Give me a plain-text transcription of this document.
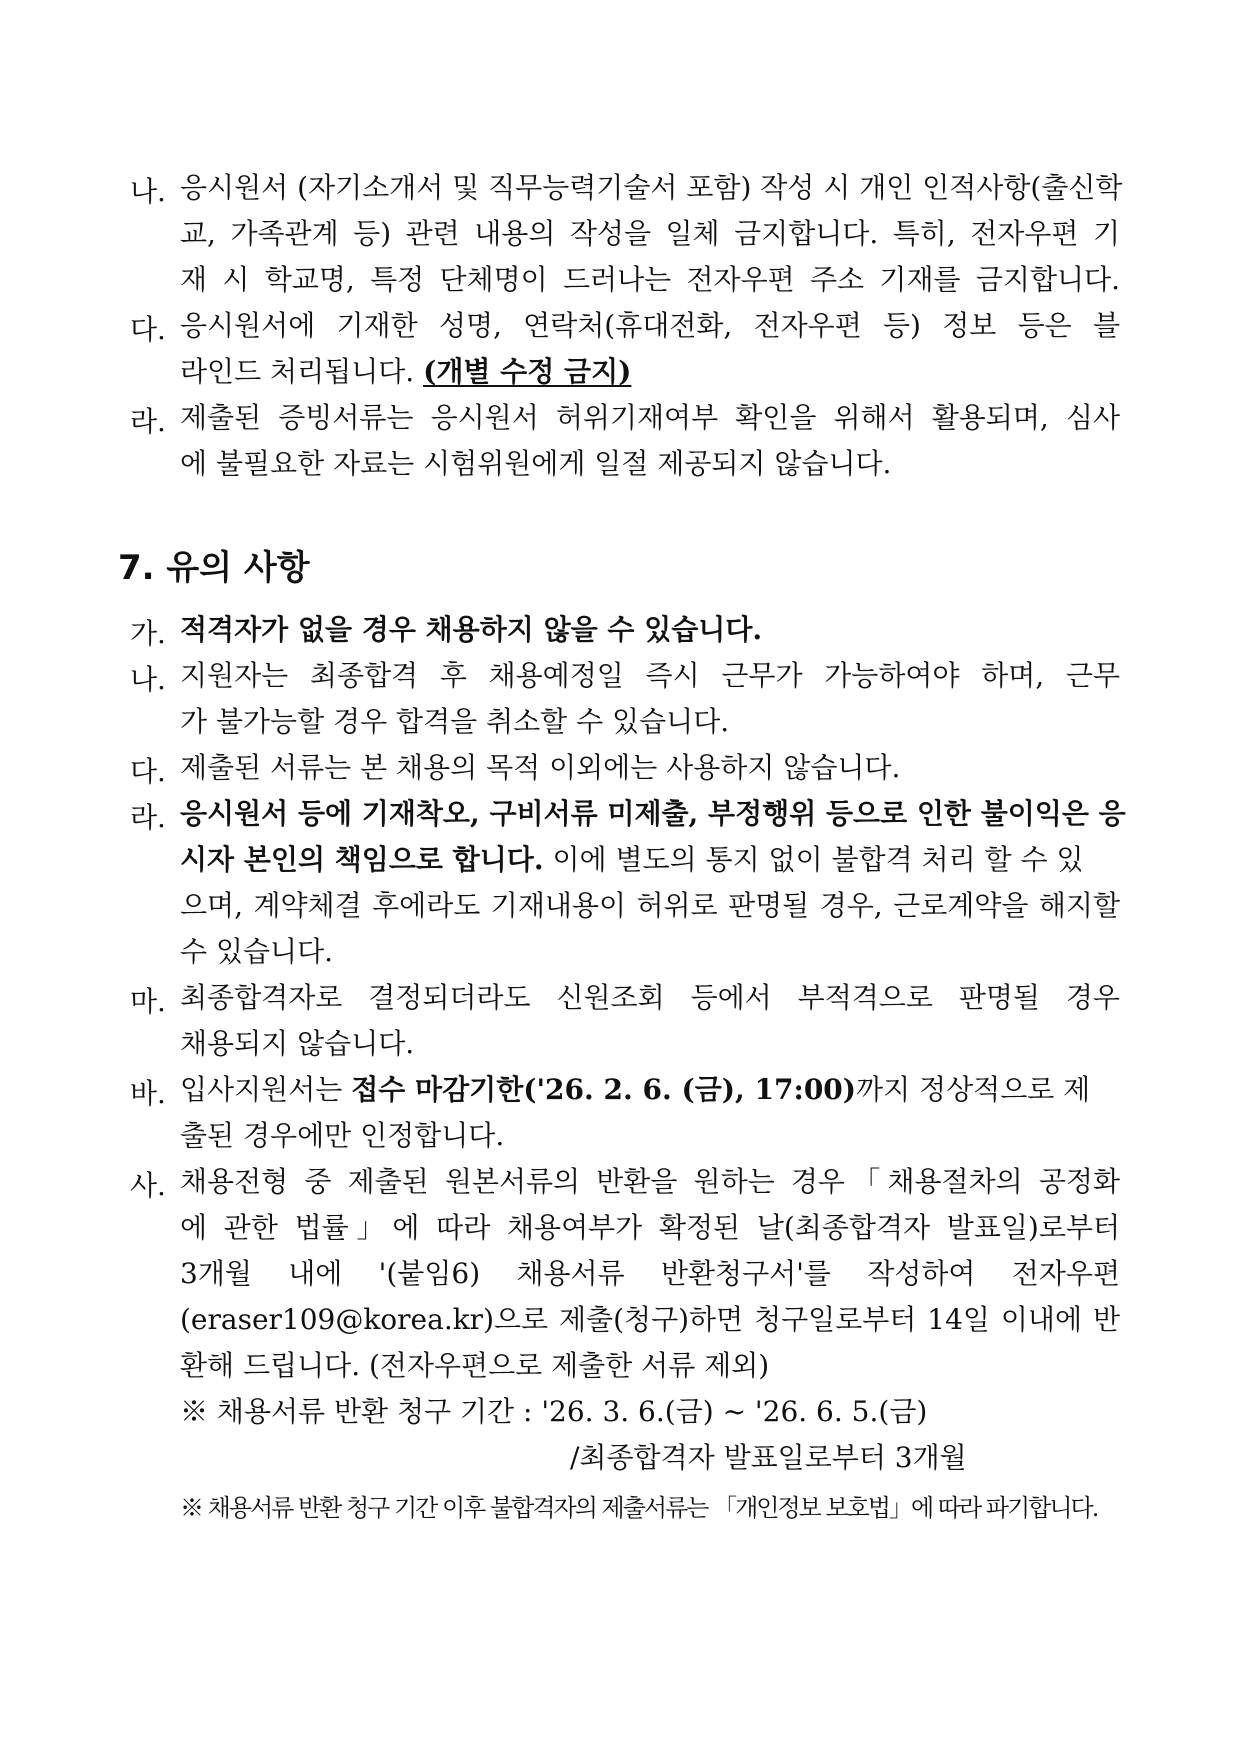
나. 응시원서 (자기소개서 및 직무능력기술서 포함) 작성 시 개인 인적사항(출신학
교, 가족관계 등) 관련 내용의 작성을 일체 금지합니다. 특히, 전자우편 기
재 시 학교명, 특정 단체명이 드러나는 전자우편 주소 기재를 금지합니다.
다. 응시원서에 기재한 성명, 연락처(휴대전화, 전자우편 등) 정보 등은 블
라인드 처리됩니다. (개별 수정 금지)
라. 제출된 증빙서류는 응시원서 허위기재여부 확인을 위해서 활용되며, 심사
에 불필요한 자료는 시험위원에게 일절 제공되지 않습니다.
7. 유의 사항
가. 적격자가 없을 경우 채용하지 않을 수 있습니다.
나. 지원자는 최종합격 후 채용예정일 즉시 근무가 가능하여야 하며, 근무
가 불가능할 경우 합격을 취소할 수 있습니다.
다. 제출된 서류는 본 채용의 목적 이외에는 사용하지 않습니다.
라. 응시원서 등에 기재착오, 구비서류 미제출, 부정행위 등으로 인한 불이익은 응
시자 본인의 책임으로 합니다. 이에 별도의 통지 없이 불합격 처리 할 수 있
으며, 계약체결 후에라도 기재내용이 허위로 판명될 경우, 근로계약을 해지할
수 있습니다.
마. 최종합격자로 결정되더라도 신원조회 등에서 부적격으로 판명될 경우
채용되지 않습니다.
바. 입사지원서는 접수 마감기한('26. 2. 6. (금), 17:00)까지 정상적으로 제
출된 경우에만 인정합니다.
사. 채용전형 중 제출된 원본서류의 반환을 원하는 경우「채용절차의 공정화
에 관한 법률」에 따라 채용여부가 확정된 날(최종합격자 발표일)로부터
3개월 내에 '(붙임6) 채용서류 반환청구서'를 작성하여 전자우편
(eraser109@korea.kr)으로 제출(청구)하면 청구일로부터 14일 이내에 반
환해 드립니다. (전자우편으로 제출한 서류 제외)
※ 채용서류 반환 청구 기간 : '26. 3. 6.(금) ~ '26. 6. 5.(금)
/최종합격자 발표일로부터 3개월
※ 채용서류 반환 청구 기간 이후 불합격자의 제출서류는 「개인정보 보호법」에 따라 파기합니다.
